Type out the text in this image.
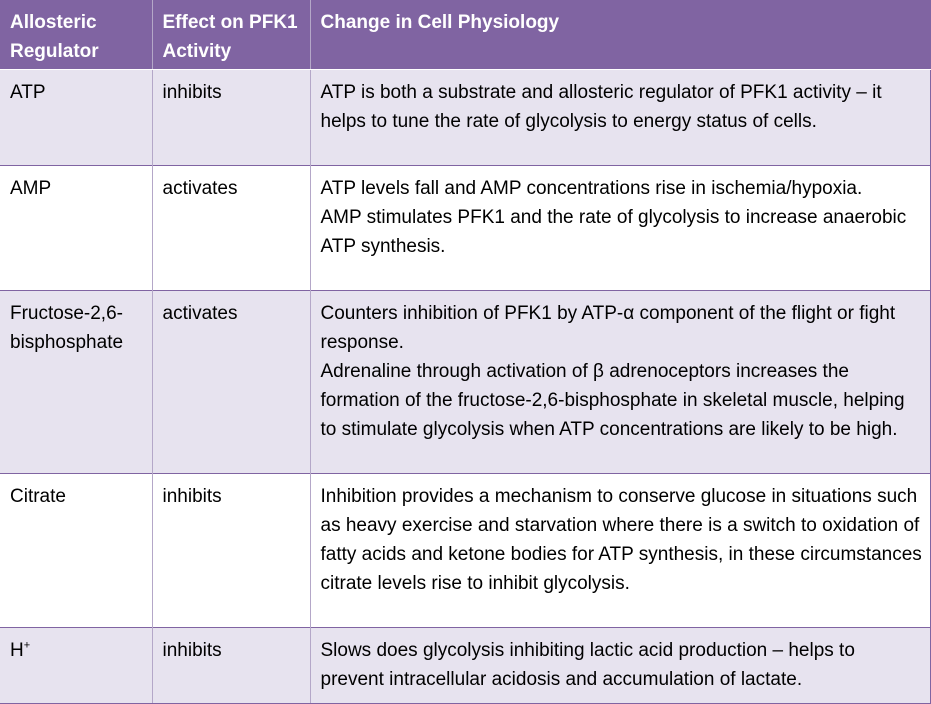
Allosteric Regulator	Effect on PFK1 Activity	Change in Cell Physiology
ATP	inhibits	ATP is both a substrate and allosteric regulator of PFK1 activity – it helps to tune the rate of glycolysis to energy status of cells.

AMP	activates	ATP levels fall and AMP concentrations rise in ischemia/hypoxia.
AMP stimulates PFK1 and the rate of glycolysis to increase anaerobic ATP synthesis.

Fructose-2,6-bisphosphate	activates	Counters inhibition of PFK1 by ATP-α component of the flight or fight response.
Adrenaline through activation of β adrenoceptors increases the formation of the fructose-2,6-bisphosphate in skeletal muscle, helping to stimulate glycolysis when ATP concentrations are likely to be high.

Citrate	inhibits	Inhibition provides a mechanism to conserve glucose in situations such as heavy exercise and starvation where there is a switch to oxidation of fatty acids and ketone bodies for ATP synthesis, in these circumstances citrate levels rise to inhibit glycolysis.

H+	inhibits	Slows does glycolysis inhibiting lactic acid production – helps to prevent intracellular acidosis and accumulation of lactate.
